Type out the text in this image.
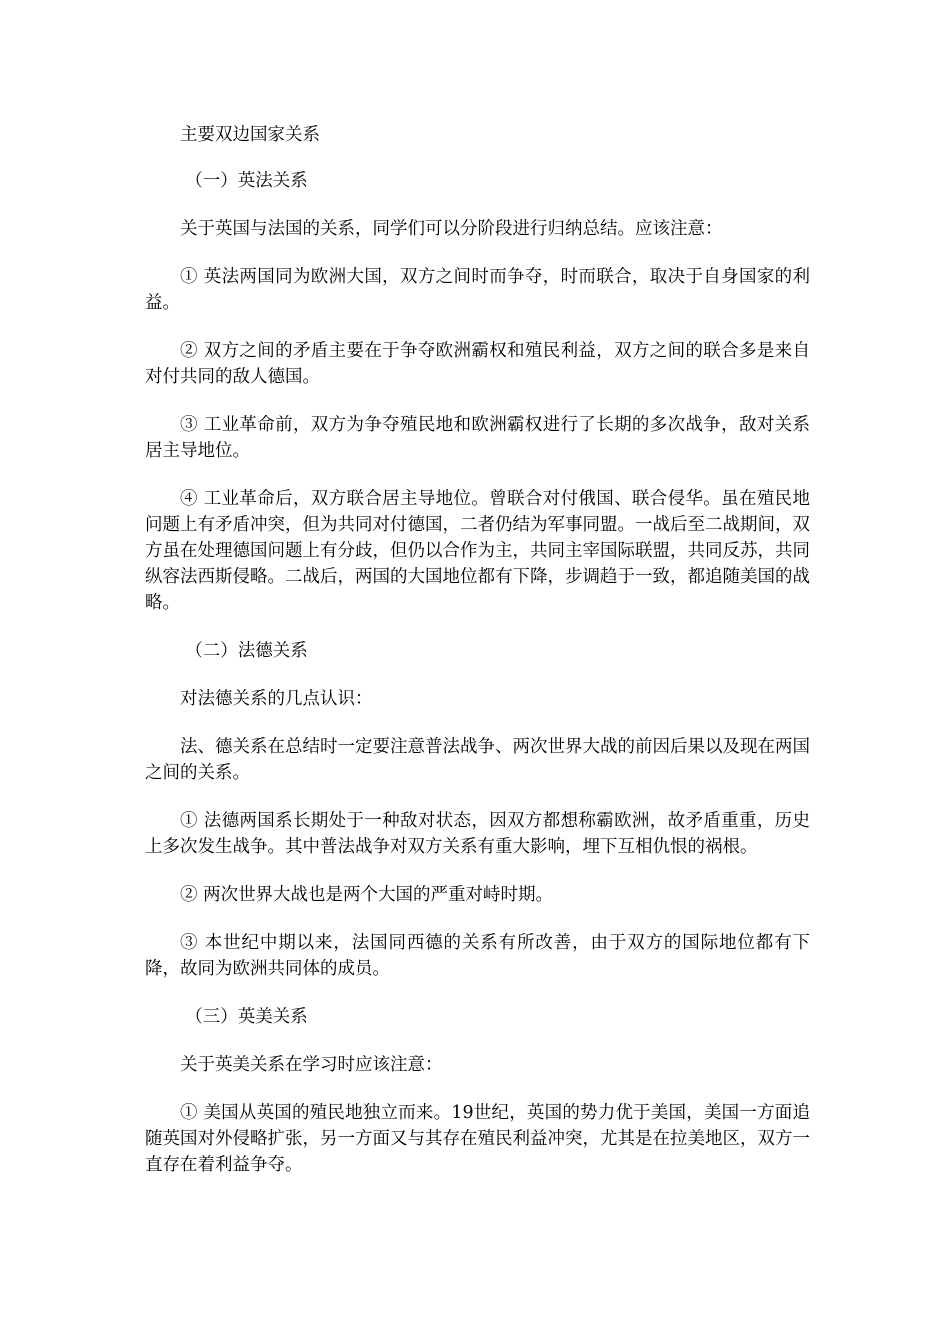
主要双边国家关系

（一）英法关系

关于英国与法国的关系，同学们可以分阶段进行归纳总结。应该注意：

① 英法两国同为欧洲大国，双方之间时而争夺，时而联合，取决于自身国家的利益。

② 双方之间的矛盾主要在于争夺欧洲霸权和殖民利益，双方之间的联合多是来自对付共同的敌人德国。

③ 工业革命前，双方为争夺殖民地和欧洲霸权进行了长期的多次战争，敌对关系居主导地位。

④ 工业革命后，双方联合居主导地位。曾联合对付俄国、联合侵华。虽在殖民地问题上有矛盾冲突，但为共同对付德国，二者仍结为军事同盟。一战后至二战期间，双方虽在处理德国问题上有分歧，但仍以合作为主，共同主宰国际联盟，共同反苏，共同纵容法西斯侵略。二战后，两国的大国地位都有下降，步调趋于一致，都追随美国的战略。

（二）法德关系

对法德关系的几点认识：

法、德关系在总结时一定要注意普法战争、两次世界大战的前因后果以及现在两国之间的关系。

① 法德两国系长期处于一种敌对状态，因双方都想称霸欧洲，故矛盾重重，历史上多次发生战争。其中普法战争对双方关系有重大影响，埋下互相仇恨的祸根。

② 两次世界大战也是两个大国的严重对峙时期。

③ 本世纪中期以来，法国同西德的关系有所改善，由于双方的国际地位都有下降，故同为欧洲共同体的成员。

（三）英美关系

关于英美关系在学习时应该注意：

① 美国从英国的殖民地独立而来。19世纪，英国的势力优于美国，美国一方面追随英国对外侵略扩张，另一方面又与其存在殖民利益冲突，尤其是在拉美地区，双方一直存在着利益争夺。
